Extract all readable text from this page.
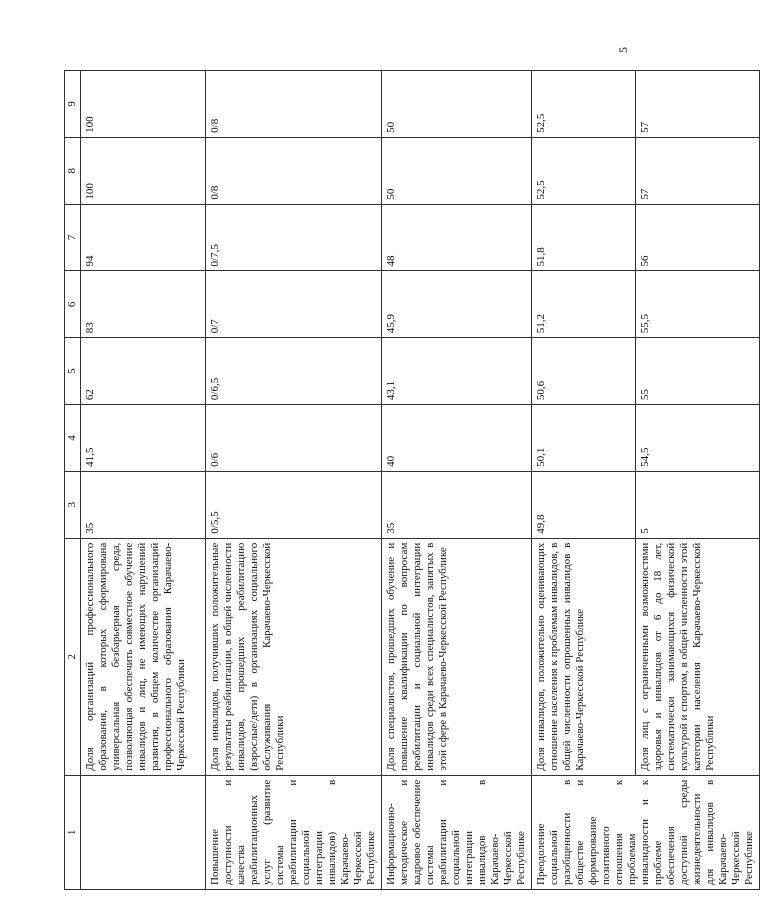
5
1	2	3	4	5	6	7	8	9
	Доля организаций профессионального образования, в которых сформирована универсальная безбарьерная среда, позволяющая обеспечить совместное обучение инвалидов и лиц, не имеющих нарушений развития, в общем количестве организаций профессионального образования Карачаево-Черкесской Республики	35	41,5	62	83	94	100	100
Повышение доступности и качества реабилитационных услуг (развитие системы реабилитации и социальной интеграции инвалидов) в Карачаево-Черкесской Республике	Доля инвалидов, получивших положительные результаты реабилитации, в общей численности инвалидов, прошедших реабилитацию (взрослые/дети) в организациях социального обслуживания Карачаево-Черкесской Республики	0/5,5	0/6	0/6,5	0/7	0/7,5	0/8	0/8
Информационно-методическое и кадровое обеспечение системы реабилитации и социальной интеграции инвалидов в Карачаево-Черкесской Республике	Доля специалистов, прошедших обучение и повышение квалификации по вопросам реабилитации и социальной интеграции инвалидов среди всех специалистов, занятых в этой сфере в Карачаево-Черкесской Республике	35	40	43,1	45,9	48	50	50
Преодоление социальной разобщенности в обществе и формирование позитивного отношения к проблемам инвалидности и к проблеме обеспечения доступной среды жизнедеятельности для инвалидов в Карачаево-Черкесской Республике	Доля инвалидов, положительно оценивающих отношение населения к проблемам инвалидов, в общей численности опрошенных инвалидов в Карачаево-Черкесской Республике	49,8	50,1	50,6	51,2	51,8	52,5	52,5
	Доля лиц с ограниченными возможностями здоровья и инвалидов от 6 до 18 лет, систематически занимающихся физической культурой и спортом, в общей численности этой категории населения Карачаево-Черкесской Республики	5	54,5	55	55,5	56	57	57
